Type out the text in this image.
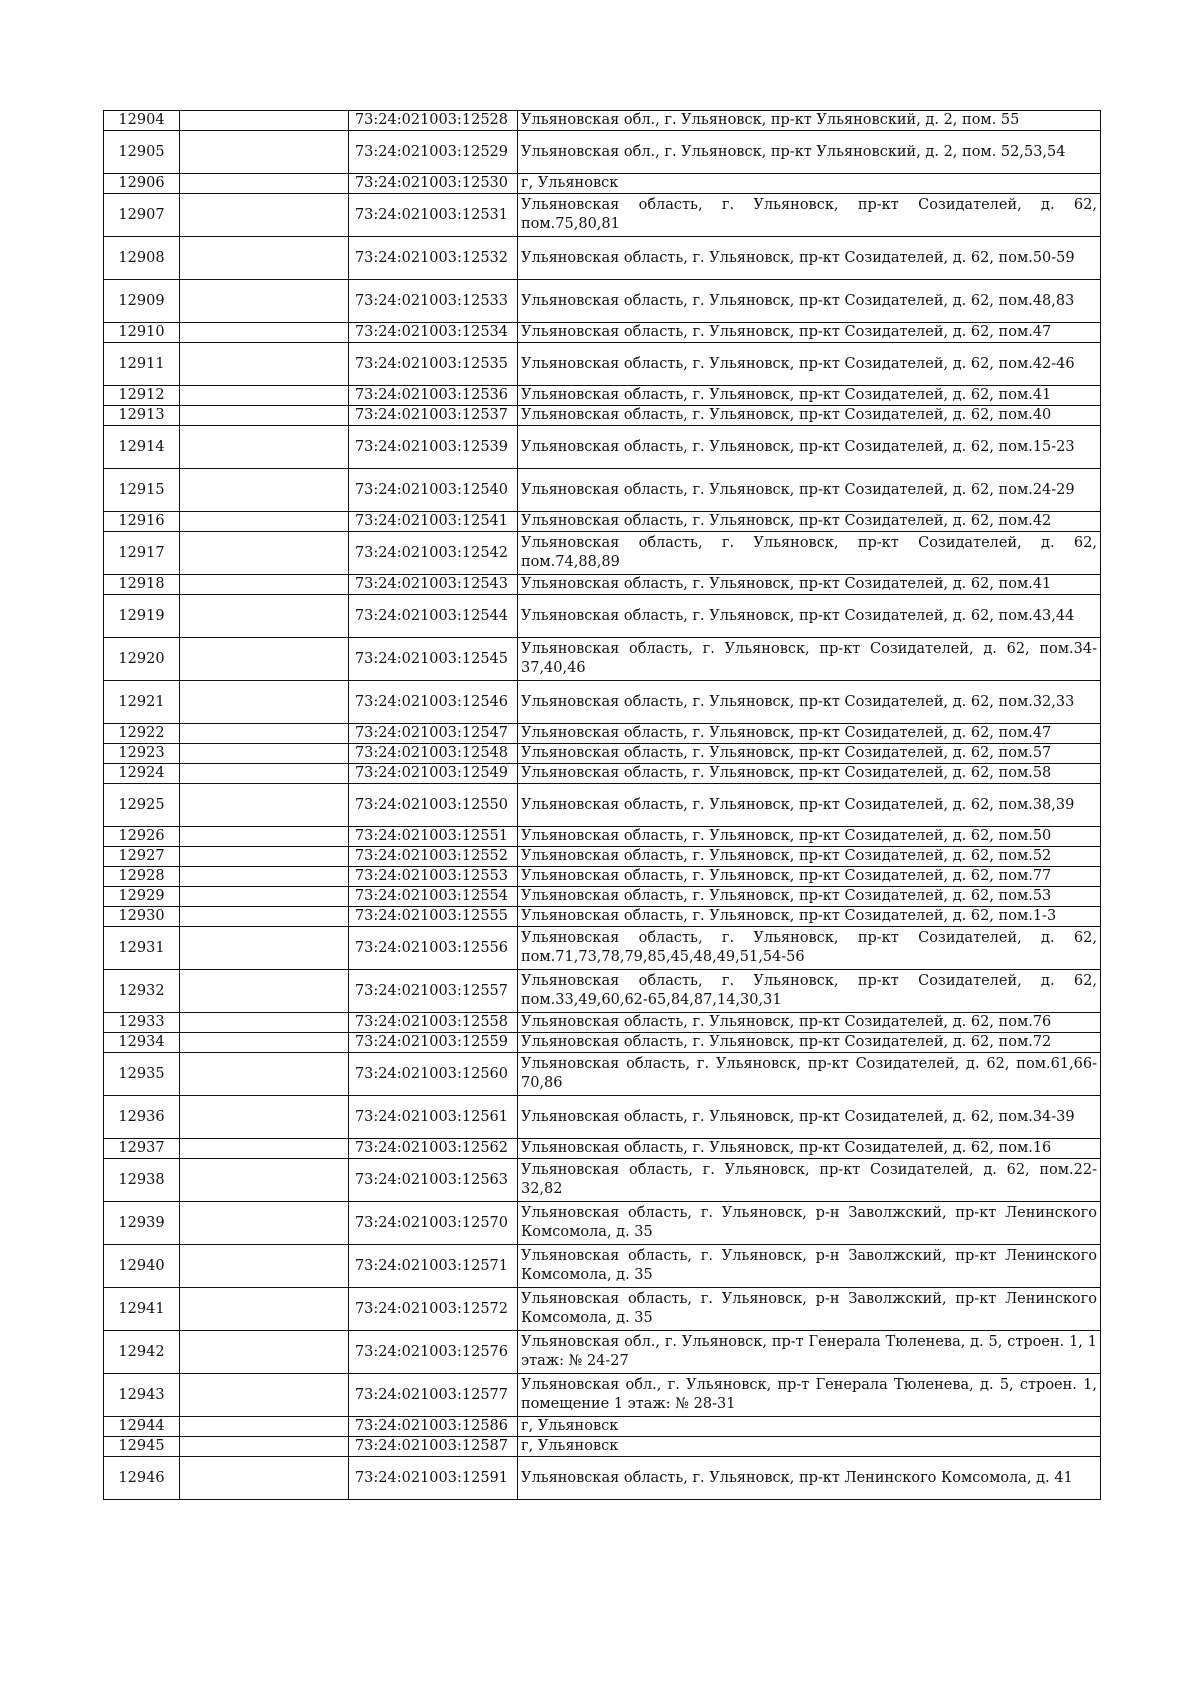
12904		73:24:021003:12528	Ульяновская обл., г. Ульяновск, пр-кт Ульяновский, д. 2, пом. 55
12905		73:24:021003:12529	Ульяновская обл., г. Ульяновск, пр-кт Ульяновский, д. 2, пом. 52,53,54
12906		73:24:021003:12530	г, Ульяновск
12907		73:24:021003:12531	Ульяновская область, г. Ульяновск, пр-кт Созидателей, д. 62, пом.75,80,81
12908		73:24:021003:12532	Ульяновская область, г. Ульяновск, пр-кт Созидателей, д. 62, пом.50-59
12909		73:24:021003:12533	Ульяновская область, г. Ульяновск, пр-кт Созидателей, д. 62, пом.48,83
12910		73:24:021003:12534	Ульяновская область, г. Ульяновск, пр-кт Созидателей, д. 62, пом.47
12911		73:24:021003:12535	Ульяновская область, г. Ульяновск, пр-кт Созидателей, д. 62, пом.42-46
12912		73:24:021003:12536	Ульяновская область, г. Ульяновск, пр-кт Созидателей, д. 62, пом.41
12913		73:24:021003:12537	Ульяновская область, г. Ульяновск, пр-кт Созидателей, д. 62, пом.40
12914		73:24:021003:12539	Ульяновская область, г. Ульяновск, пр-кт Созидателей, д. 62, пом.15-23
12915		73:24:021003:12540	Ульяновская область, г. Ульяновск, пр-кт Созидателей, д. 62, пом.24-29
12916		73:24:021003:12541	Ульяновская область, г. Ульяновск, пр-кт Созидателей, д. 62, пом.42
12917		73:24:021003:12542	Ульяновская область, г. Ульяновск, пр-кт Созидателей, д. 62, пом.74,88,89
12918		73:24:021003:12543	Ульяновская область, г. Ульяновск, пр-кт Созидателей, д. 62, пом.41
12919		73:24:021003:12544	Ульяновская область, г. Ульяновск, пр-кт Созидателей, д. 62, пом.43,44
12920		73:24:021003:12545	Ульяновская область, г. Ульяновск, пр-кт Созидателей, д. 62, пом.34-37,40,46
12921		73:24:021003:12546	Ульяновская область, г. Ульяновск, пр-кт Созидателей, д. 62, пом.32,33
12922		73:24:021003:12547	Ульяновская область, г. Ульяновск, пр-кт Созидателей, д. 62, пом.47
12923		73:24:021003:12548	Ульяновская область, г. Ульяновск, пр-кт Созидателей, д. 62, пом.57
12924		73:24:021003:12549	Ульяновская область, г. Ульяновск, пр-кт Созидателей, д. 62, пом.58
12925		73:24:021003:12550	Ульяновская область, г. Ульяновск, пр-кт Созидателей, д. 62, пом.38,39
12926		73:24:021003:12551	Ульяновская область, г. Ульяновск, пр-кт Созидателей, д. 62, пом.50
12927		73:24:021003:12552	Ульяновская область, г. Ульяновск, пр-кт Созидателей, д. 62, пом.52
12928		73:24:021003:12553	Ульяновская область, г. Ульяновск, пр-кт Созидателей, д. 62, пом.77
12929		73:24:021003:12554	Ульяновская область, г. Ульяновск, пр-кт Созидателей, д. 62, пом.53
12930		73:24:021003:12555	Ульяновская область, г. Ульяновск, пр-кт Созидателей, д. 62, пом.1-3
12931		73:24:021003:12556	Ульяновская область, г. Ульяновск, пр-кт Созидателей, д. 62, пом.71,73,78,79,85,45,48,49,51,54-56
12932		73:24:021003:12557	Ульяновская область, г. Ульяновск, пр-кт Созидателей, д. 62, пом.33,49,60,62-65,84,87,14,30,31
12933		73:24:021003:12558	Ульяновская область, г. Ульяновск, пр-кт Созидателей, д. 62, пом.76
12934		73:24:021003:12559	Ульяновская область, г. Ульяновск, пр-кт Созидателей, д. 62, пом.72
12935		73:24:021003:12560	Ульяновская область, г. Ульяновск, пр-кт Созидателей, д. 62, пом.61,66-70,86
12936		73:24:021003:12561	Ульяновская область, г. Ульяновск, пр-кт Созидателей, д. 62, пом.34-39
12937		73:24:021003:12562	Ульяновская область, г. Ульяновск, пр-кт Созидателей, д. 62, пом.16
12938		73:24:021003:12563	Ульяновская область, г. Ульяновск, пр-кт Созидателей, д. 62, пом.22-32,82
12939		73:24:021003:12570	Ульяновская область, г. Ульяновск, р-н Заволжский, пр-кт Ленинского Комсомола, д. 35
12940		73:24:021003:12571	Ульяновская область, г. Ульяновск, р-н Заволжский, пр-кт Ленинского Комсомола, д. 35
12941		73:24:021003:12572	Ульяновская область, г. Ульяновск, р-н Заволжский, пр-кт Ленинского Комсомола, д. 35
12942		73:24:021003:12576	Ульяновская обл., г. Ульяновск, пр-т Генерала Тюленева, д. 5, строен. 1, 1 этаж: № 24-27
12943		73:24:021003:12577	Ульяновская обл., г. Ульяновск, пр-т Генерала Тюленева, д. 5, строен. 1, помещение 1 этаж: № 28-31
12944		73:24:021003:12586	г, Ульяновск
12945		73:24:021003:12587	г, Ульяновск
12946		73:24:021003:12591	Ульяновская область, г. Ульяновск, пр-кт Ленинского Комсомола, д. 41
